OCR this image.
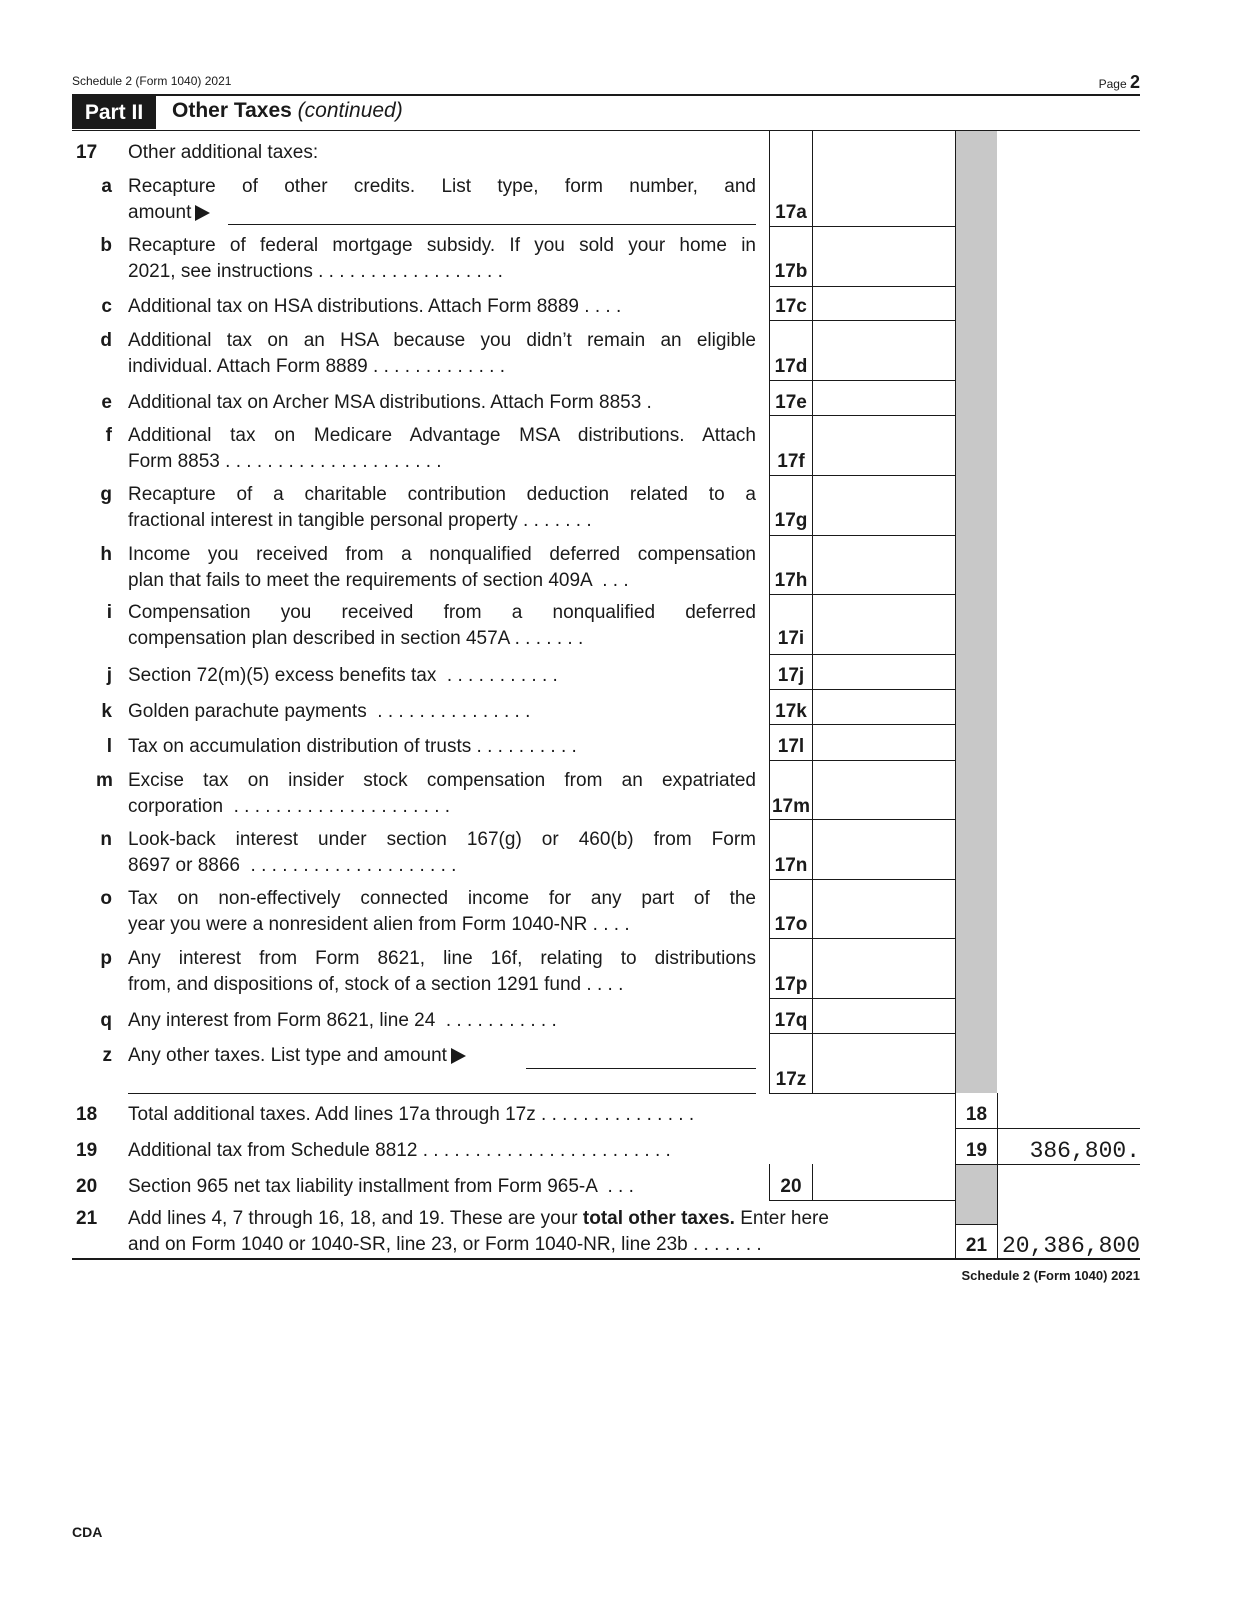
Schedule 2 (Form 1040) 2021	Page 2
Part II	Other Taxes (continued)
17 Other additional taxes:
a Recapture of other credits. List type, form number, and
amount	17a
b Recapture of federal mortgage subsidy. If you sold your home in
2021, see instructions . . . . . . . . . . . . . . . . . .	17b
c Additional tax on HSA distributions. Attach Form 8889 . . . .	17c
d Additional tax on an HSA because you didn’t remain an eligible
individual. Attach Form 8889 . . . . . . . . . . . . .	17d
e Additional tax on Archer MSA distributions. Attach Form 8853 .	17e
f Additional tax on Medicare Advantage MSA distributions. Attach
Form 8853 . . . . . . . . . . . . . . . . . . . . .	17f
g Recapture of a charitable contribution deduction related to a
fractional interest in tangible personal property . . . . . . .	17g
h Income you received from a nonqualified deferred compensation
plan that fails to meet the requirements of section 409A  . . .	17h
i Compensation you received from a nonqualified deferred
compensation plan described in section 457A . . . . . . .	17i
j Section 72(m)(5) excess benefits tax  . . . . . . . . . . .	17j
k Golden parachute payments  . . . . . . . . . . . . . . .	17k
l Tax on accumulation distribution of trusts . . . . . . . . . .	17l
m Excise tax on insider stock compensation from an expatriated
corporation  . . . . . . . . . . . . . . . . . . . . .	17m
n Look-back interest under section 167(g) or 460(b) from Form
8697 or 8866  . . . . . . . . . . . . . . . . . . . .	17n
o Tax on non-effectively connected income for any part of the
year you were a nonresident alien from Form 1040-NR . . . .	17o
p Any interest from Form 8621, line 16f, relating to distributions
from, and dispositions of, stock of a section 1291 fund . . . .	17p
q Any interest from Form 8621, line 24  . . . . . . . . . . .	17q
z Any other taxes. List type and amount
17z
18 Total additional taxes. Add lines 17a through 17z . . . . . . . . . . . . . . .	18
19 Additional tax from Schedule 8812 . . . . . . . . . . . . . . . . . . . . . . . .	19	386,800.
20 Section 965 net tax liability installment from Form 965-A  . . .	20
21 Add lines 4, 7 through 16, 18, and 19. These are your total other taxes. Enter here
and on Form 1040 or 1040-SR, line 23, or Form 1040-NR, line 23b . . . . . . .	21 20,386,800
Schedule 2 (Form 1040) 2021
CDA
